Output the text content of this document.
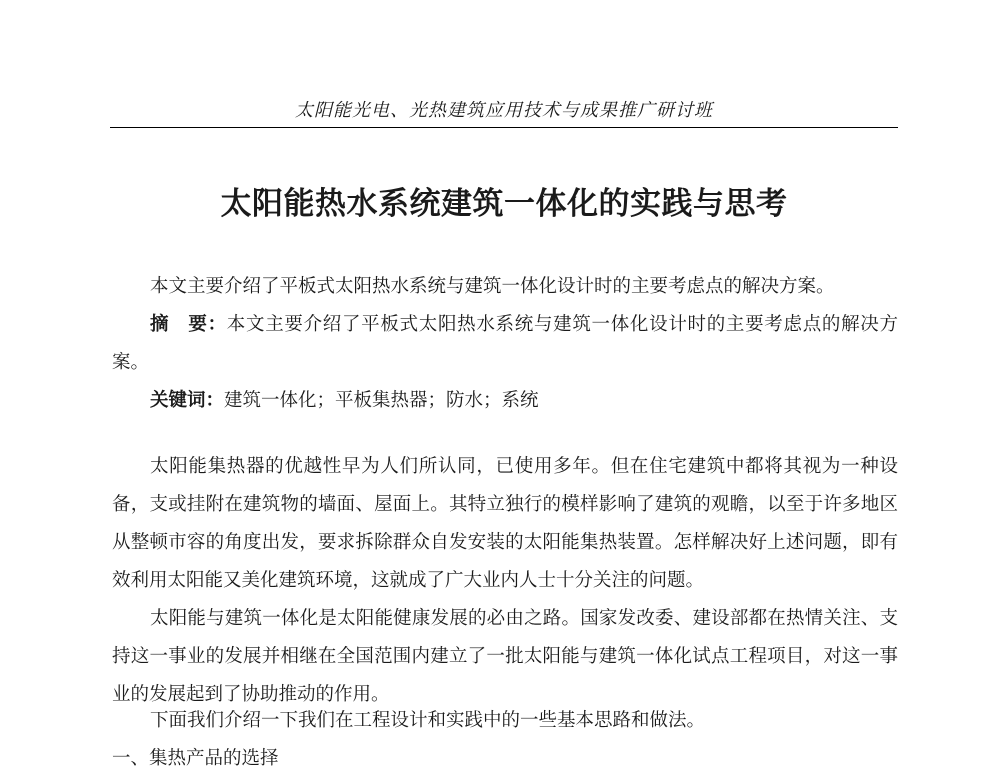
太阳能光电、光热建筑应用技术与成果推广研讨班
太阳能热水系统建筑一体化的实践与思考

本文主要介绍了平板式太阳热水系统与建筑一体化设计时的主要考虑点的解决方案。

摘　要：本文主要介绍了平板式太阳热水系统与建筑一体化设计时的主要考虑点的解决方案。

关键词：建筑一体化；平板集热器；防水；系统

太阳能集热器的优越性早为人们所认同，已使用多年。但在住宅建筑中都将其视为一种设备，支或挂附在建筑物的墙面、屋面上。其特立独行的模样影响了建筑的观瞻，以至于许多地区从整顿市容的角度出发，要求拆除群众自发安装的太阳能集热装置。怎样解决好上述问题，即有效利用太阳能又美化建筑环境，这就成了广大业内人士十分关注的问题。

太阳能与建筑一体化是太阳能健康发展的必由之路。国家发改委、建设部都在热情关注、支持这一事业的发展并相继在全国范围内建立了一批太阳能与建筑一体化试点工程项目，对这一事业的发展起到了协助推动的作用。

下面我们介绍一下我们在工程设计和实践中的一些基本思路和做法。

一、集热产品的选择
